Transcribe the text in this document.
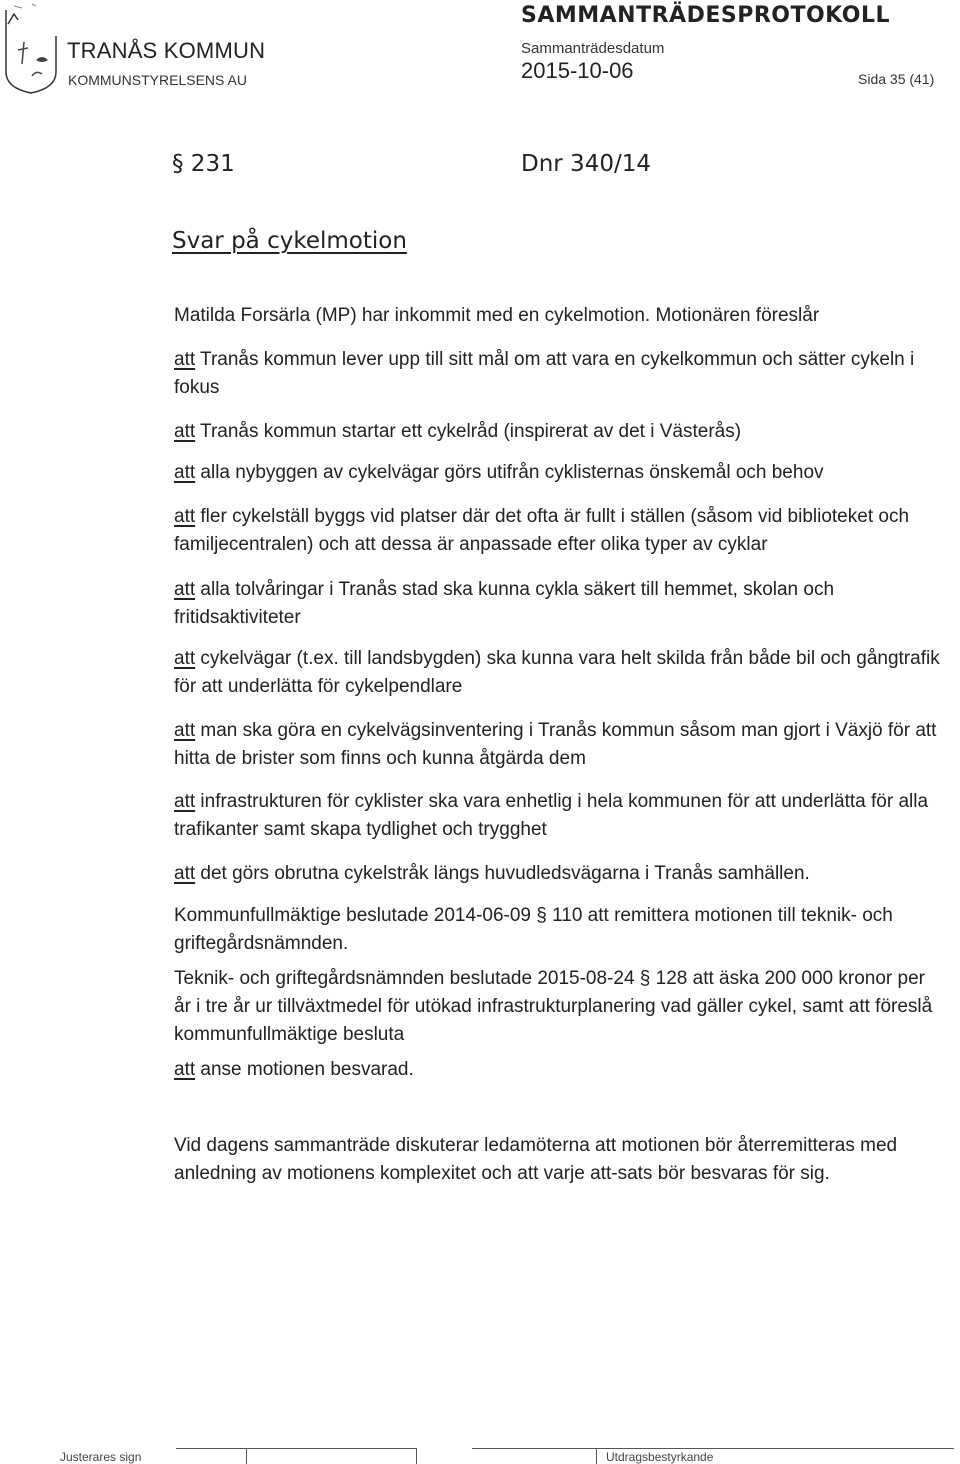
TRANÅS KOMMUN
KOMMUNSTYRELSENS AU
SAMMANTRÄDESPROTOKOLL
Sammanträdesdatum
2015-10-06	Sida 35 (41)
§ 231	Dnr 340/14
Svar på cykelmotion

Matilda Forsärla (MP) har inkommit med en cykelmotion. Motionären föreslår

att Tranås kommun lever upp till sitt mål om att vara en cykelkommun och sätter cykeln i fokus

att Tranås kommun startar ett cykelråd (inspirerat av det i Västerås)

att alla nybyggen av cykelvägar görs utifrån cyklisternas önskemål och behov

att fler cykelställ byggs vid platser där det ofta är fullt i ställen (såsom vid biblioteket och familjecentralen) och att dessa är anpassade efter olika typer av cyklar

att alla tolvåringar i Tranås stad ska kunna cykla säkert till hemmet, skolan och fritidsaktiviteter

att cykelvägar (t.ex. till landsbygden) ska kunna vara helt skilda från både bil och gångtrafik för att underlätta för cykelpendlare

att man ska göra en cykelvägsinventering i Tranås kommun såsom man gjort i Växjö för att hitta de brister som finns och kunna åtgärda dem

att infrastrukturen för cyklister ska vara enhetlig i hela kommunen för att underlätta för alla trafikanter samt skapa tydlighet och trygghet

att det görs obrutna cykelstråk längs huvudledsvägarna i Tranås samhällen.

Kommunfullmäktige beslutade 2014-06-09 § 110 att remittera motionen till teknik- och griftegårdsnämnden.

Teknik- och griftegårdsnämnden beslutade 2015-08-24 § 128 att äska 200 000 kronor per år i tre år ur tillväxtmedel för utökad infrastrukturplanering vad gäller cykel, samt att föreslå kommunfullmäktige besluta

att anse motionen besvarad.

Vid dagens sammanträde diskuterar ledamöterna att motionen bör återremitteras med anledning av motionens komplexitet och att varje att-sats bör besvaras för sig.

Justerares sign	Utdragsbestyrkande
